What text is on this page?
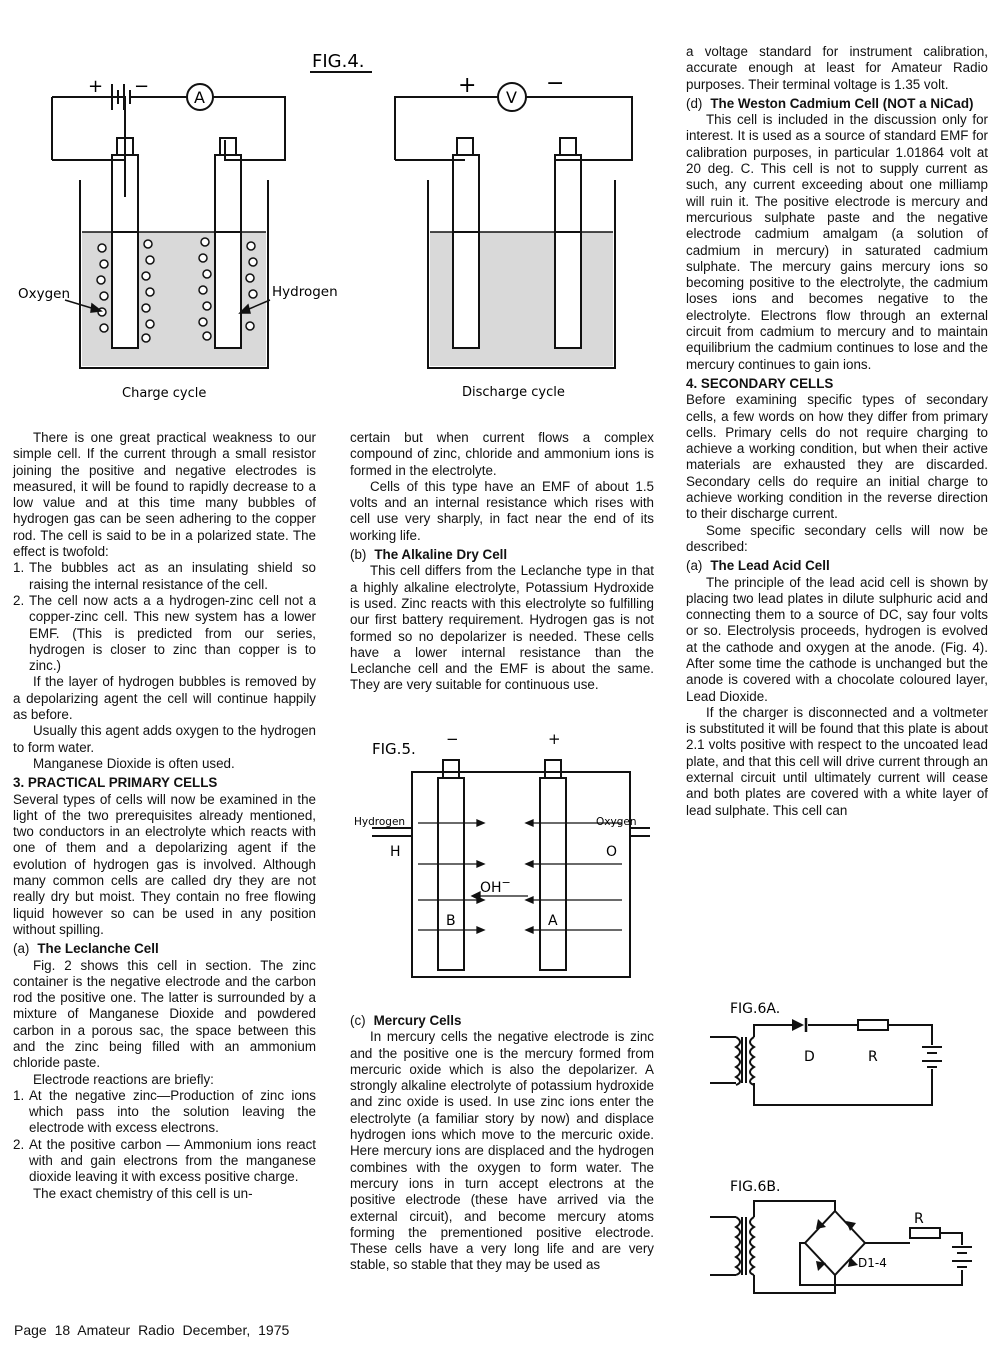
FIG.4.
+ −
A	+	−
V
Oxygen	Hydrogen
Charge cycle	Discharge cycle

There is one great practical weakness to our simple cell. If the current through a small resistor joining the positive and negative electrodes is measured, it will be found to rapidly decrease to a low value and at this time many bubbles of hydrogen gas can be seen adhering to the copper rod. The cell is said to be in a polarized state. The effect is twofold:

1. The bubbles act as an insulating shield so raising the internal resistance of the cell.
2. The cell now acts a a hydrogen-zinc cell not a copper-zinc cell. This new system has a lower EMF. (This is predicted from our series, hydrogen is closer to zinc than copper is to zinc.)

If the layer of hydrogen bubbles is removed by a depolarizing agent the cell will continue happily as before.

Usually this agent adds oxygen to the hydrogen to form water.

Manganese Dioxide is often used.

3. PRACTICAL PRIMARY CELLS

Several types of cells will now be examined in the light of the two prerequisites already mentioned, two conductors in an electrolyte which reacts with one of them and a depolarizing agent if the evolution of hydrogen gas is involved. Although many common cells are called dry they are not really dry but moist. They contain no free flowing liquid however so can be used in any position without spilling.

(a) The Leclanche Cell

Fig. 2 shows this cell in section. The zinc container is the negative electrode and the carbon rod the positive one. The latter is surrounded by a mixture of Manganese Dioxide and powdered carbon in a porous sac, the space between this and the zinc being filled with an ammonium chloride paste.

Electrode reactions are briefly:

1. At the negative zinc—Production of zinc ions which pass into the solution leaving the electrode with excess electrons.
2. At the positive carbon — Ammonium ions react with and gain electrons from the manganese dioxide leaving it with excess positive charge.

The exact chemistry of this cell is un-

certain but when current flows a complex compound of zinc, chloride and ammonium ions is formed in the electrolyte.

Cells of this type have an EMF of about 1.5 volts and an internal resistance which rises with cell use very sharply, in fact near the end of its working life.

(b) The Alkaline Dry Cell

This cell differs from the Leclanche type in that a highly alkaline electrolyte, Potassium Hydroxide is used. Zinc reacts with this electrolyte so fulfilling our first battery requirement. Hydrogen gas is not formed so no depolarizer is needed. These cells have a lower internal resistance than the Leclanche cell and the EMF is about the same. They are very suitable for continuous use.

FIG.5.
−	+
Hydrogen	Oxygen
H	O
OH−
B	A
(c) Mercury Cells

In mercury cells the negative electrode is zinc and the positive one is the mercury formed from mercuric oxide which is also the depolarizer. A strongly alkaline electrolyte of potassium hydroxide and zinc oxide is used. In use zinc ions enter the electrolyte (a familiar story by now) and displace hydrogen ions which move to the mercuric oxide. Here mercury ions are displaced and the hydrogen combines with the oxygen to form water. The mercury ions in turn accept electrons at the positive electrode (these have arrived via the external circuit), and become mercury atoms forming the prementioned positive electrode. These cells have a very long life and are very stable, so stable that they may be used as

a voltage standard for instrument calibration, accurate enough at least for Amateur Radio purposes. Their terminal voltage is 1.35 volt.

(d) The Weston Cadmium Cell (NOT a NiCad)

This cell is included in the discussion only for interest. It is used as a source of standard EMF for calibration purposes, in particular 1.01864 volt at 20 deg. C. This cell is not to supply current as such, any current exceeding about one milliamp will ruin it. The positive electrode is mercury and mercurious sulphate paste and the negative electrode cadmium amalgam (a solution of cadmium in mercury) in saturated cadmium sulphate. The mercury gains mercury ions so becoming positive to the electrolyte, the cadmium loses ions and becomes negative to the electrolyte. Electrons flow through an external circuit from cadmium to mercury and to maintain equilibrium the cadmium continues to lose and the mercury continues to gain ions.

4. SECONDARY CELLS

Before examining specific types of secondary cells, a few words on how they differ from primary cells. Primary cells do not require charging to achieve a working condition, but when their active materials are exhausted they are discarded. Secondary cells do require an initial charge to achieve working condition in the reverse direction to their discharge current.

Some specific secondary cells will now be described:

(a) The Lead Acid Cell

The principle of the lead acid cell is shown by placing two lead plates in dilute sulphuric acid and connecting them to a source of DC, say four volts or so. Electrolysis proceeds, hydrogen is evolved at the cathode and oxygen at the anode. (Fig. 4). After some time the cathode is unchanged but the anode is covered with a chocolate coloured layer, Lead Dioxide.

If the charger is disconnected and a voltmeter is substituted it will be found that this plate is about 2.1 volts positive with respect to the uncoated lead plate, and that this cell will drive current through an external circuit until ultimately current will cease and both plates are covered with a white layer of lead sulphate. This cell can

FIG.6A.
D	R
FIG.6B.
R
D1-4
Page 18 Amateur Radio December, 1975
